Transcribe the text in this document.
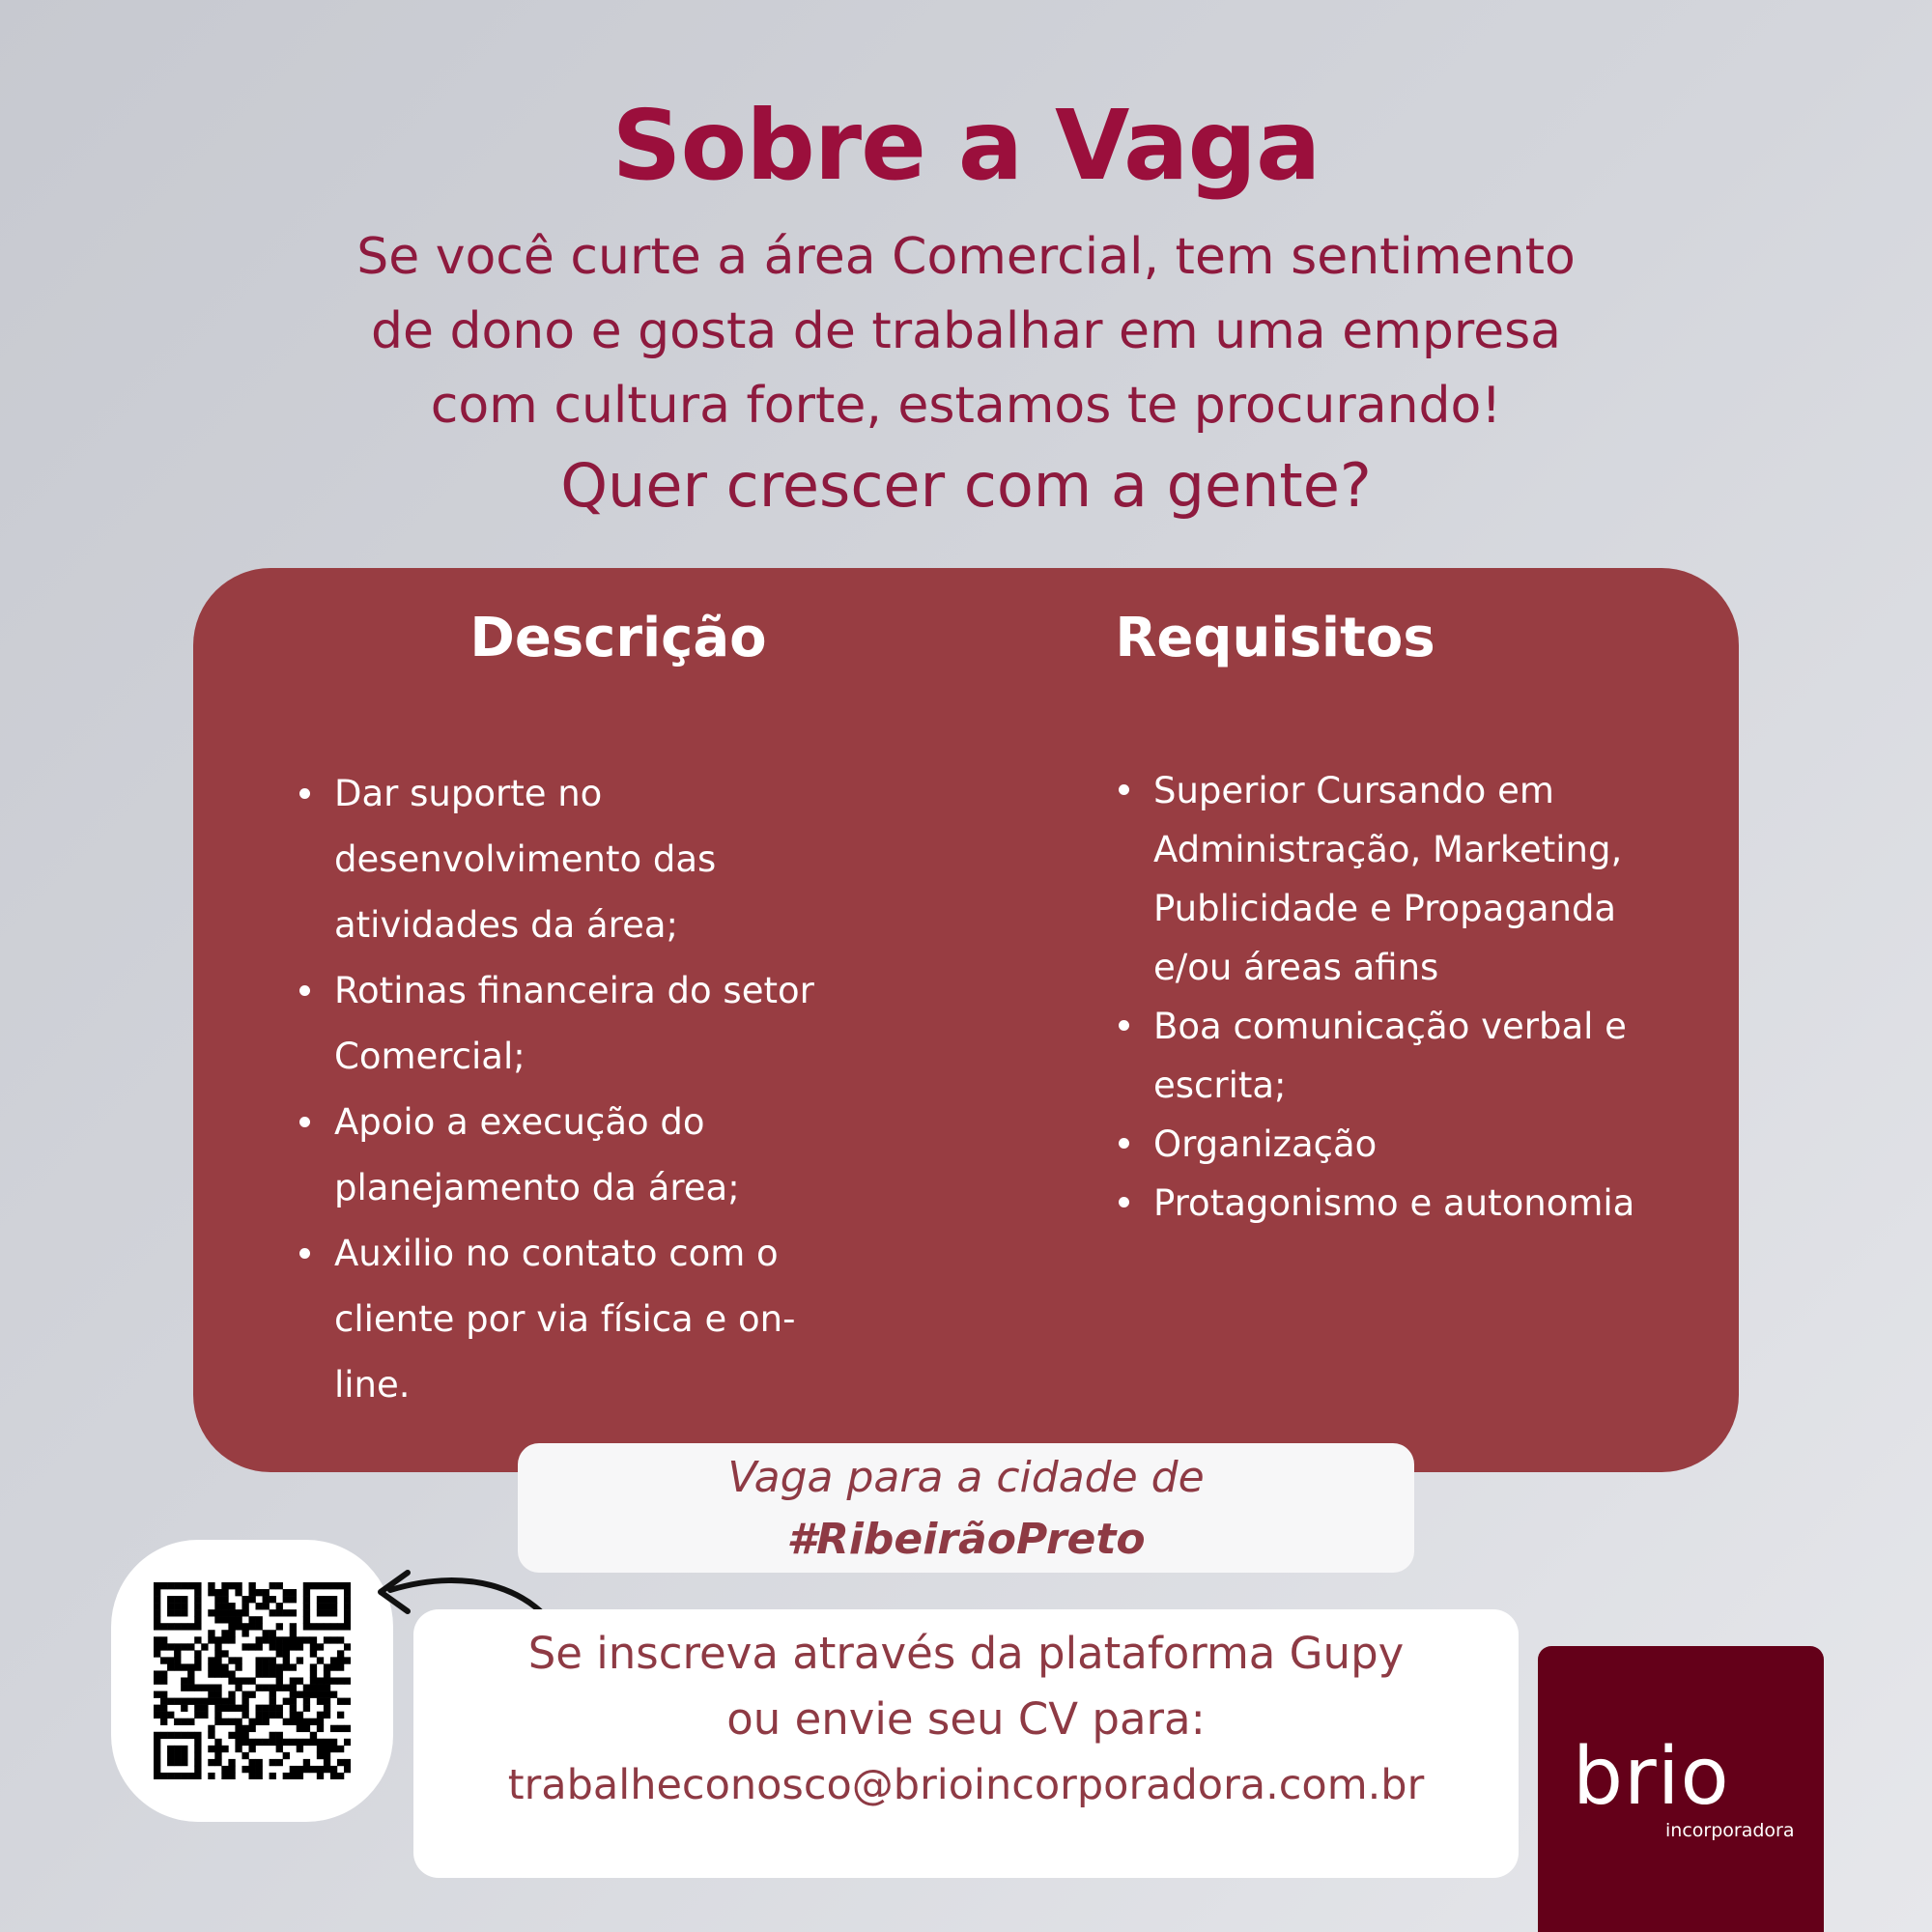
Sobre a Vaga

Se você curte a área Comercial, tem sentimento
de dono e gosta de trabalhar em uma empresa
com cultura forte, estamos te procurando!

Quer crescer com a gente?

Descrição
Dar suporte no desenvolvimento das atividades da área;
Rotinas financeira do setor Comercial;
Apoio a execução do planejamento da área;
Auxilio no contato com o cliente por via física e on-line.
Requisitos
Superior Cursando em Administração, Marketing, Publicidade e Propaganda e/ou áreas afins
Boa comunicação verbal e escrita;
Organização
Protagonismo e autonomia
Vaga para a cidade de
#RibeirãoPreto
Se inscreva através da plataforma Gupy
ou envie seu CV para:
trabalheconosco@brioincorporadora.com.br	brio
incorporadora
